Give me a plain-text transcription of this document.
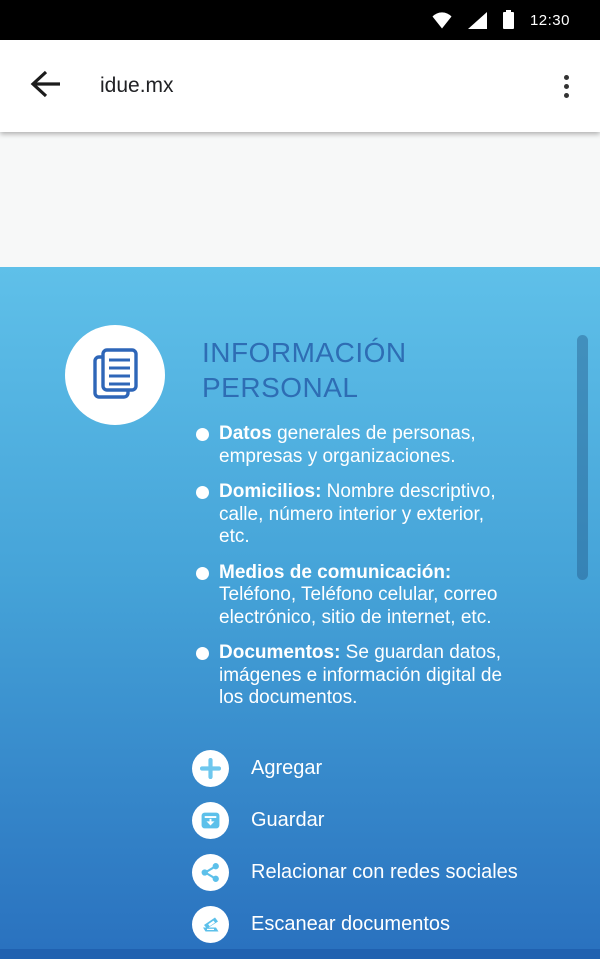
12:30
idue.mx
INFORMACIÓN
PERSONAL
Datos generales de personas, empresas y organizaciones.
Domicilios: Nombre descriptivo, calle, número interior y exterior, etc.
Medios de comunicación: Teléfono, Teléfono celular, correo electrónico, sitio de internet, etc.
Documentos: Se guardan datos, imágenes e información digital de los documentos.
Agregar
Guardar
Relacionar con redes sociales
Escanear documentos
